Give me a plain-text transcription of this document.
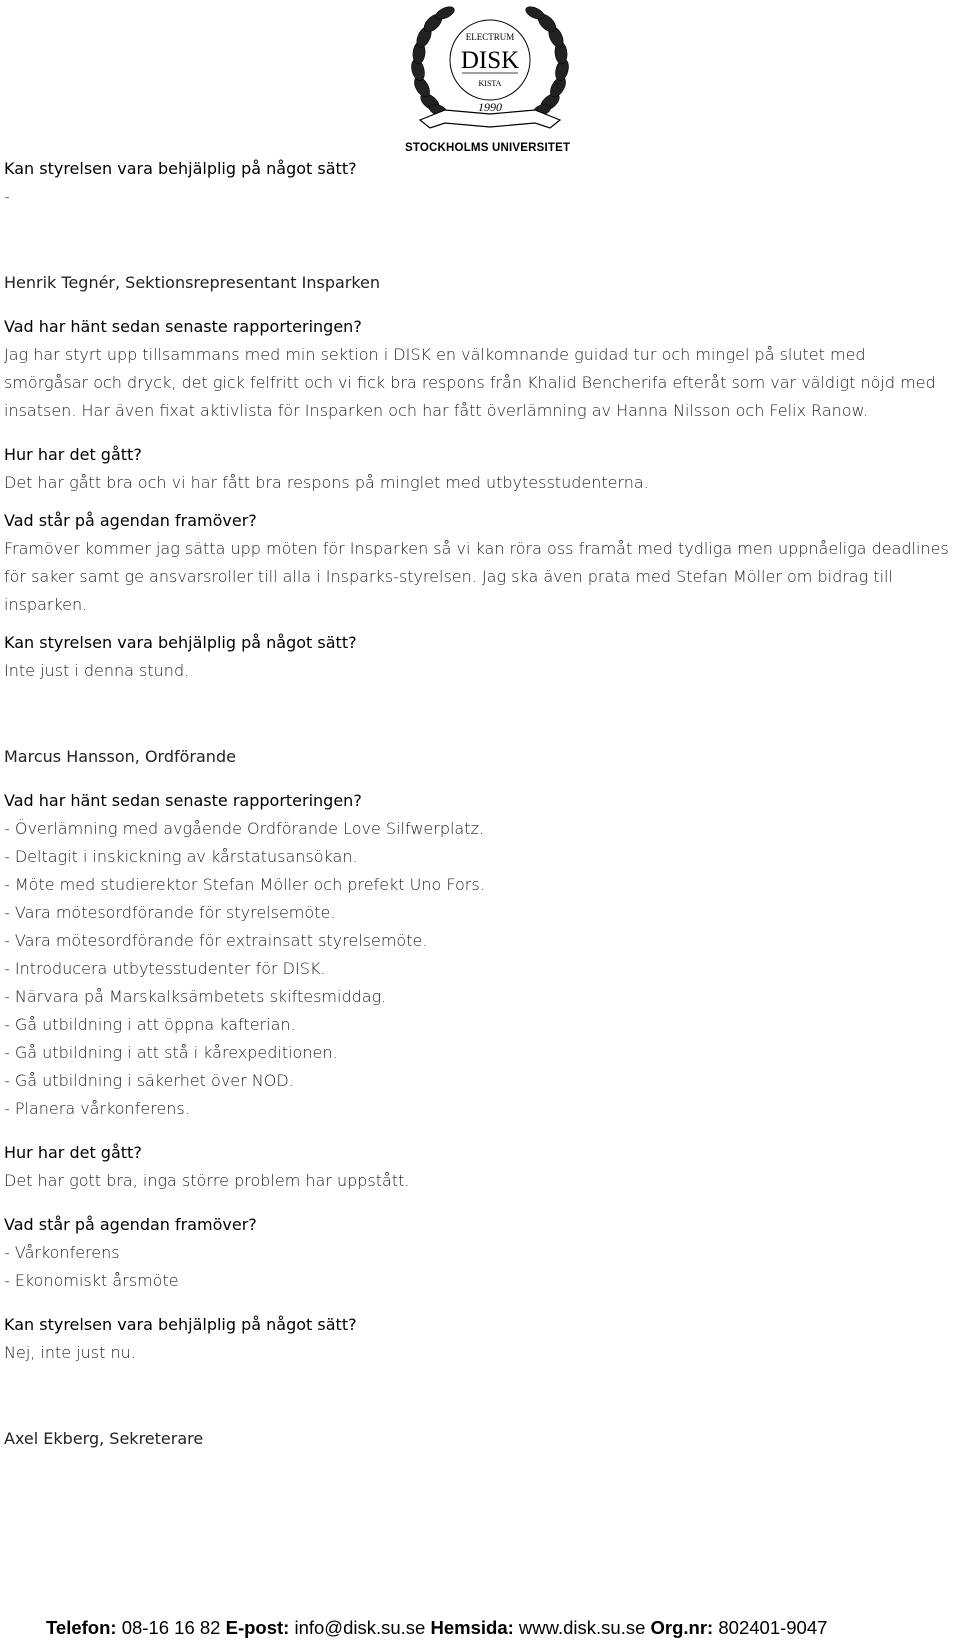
ELECTRUM
DISK
KISTA
1990
STOCKHOLMS UNIVERSITET
Kan styrelsen vara behjälplig på något sätt?
-
Henrik Tegnér, Sektionsrepresentant Insparken
Vad har hänt sedan senaste rapporteringen?

Jag har styrt upp tillsammans med min sektion i DISK en välkomnande guidad tur och mingel på slutet med smörgåsar och dryck, det gick felfritt och vi fick bra respons från Khalid Bencherifa efteråt som var väldigt nöjd med insatsen. Har även fixat aktivlista för Insparken och har fått överlämning av Hanna Nilsson och Felix Ranow.

Hur har det gått?
Det har gått bra och vi har fått bra respons på minglet med utbytesstudenterna.
Vad står på agendan framöver?

Framöver kommer jag sätta upp möten för Insparken så vi kan röra oss framåt med tydliga men uppnåeliga deadlines för saker samt ge ansvarsroller till alla i Insparks-styrelsen. Jag ska även prata med Stefan Möller om bidrag till insparken.

Kan styrelsen vara behjälplig på något sätt?
Inte just i denna stund.
Marcus Hansson, Ordförande
Vad har hänt sedan senaste rapporteringen?
- Överlämning med avgående Ordförande Love Silfwerplatz.
- Deltagit i inskickning av kårstatusansökan.
- Möte med studierektor Stefan Möller och prefekt Uno Fors.
- Vara mötesordförande för styrelsemöte.
- Vara mötesordförande för extrainsatt styrelsemöte.
- Introducera utbytesstudenter för DISK.
- Närvara på Marskalksämbetets skiftesmiddag.
- Gå utbildning i att öppna kafterian.
- Gå utbildning i att stå i kårexpeditionen.
- Gå utbildning i säkerhet över NOD.
- Planera vårkonferens.
Hur har det gått?
Det har gott bra, inga större problem har uppstått.
Vad står på agendan framöver?
- Vårkonferens
- Ekonomiskt årsmöte
Kan styrelsen vara behjälplig på något sätt?
Nej, inte just nu.
Axel Ekberg, Sekreterare
Telefon: 08-16 16 82 E-post: info@disk.su.se Hemsida: www.disk.su.se Org.nr: 802401-9047
